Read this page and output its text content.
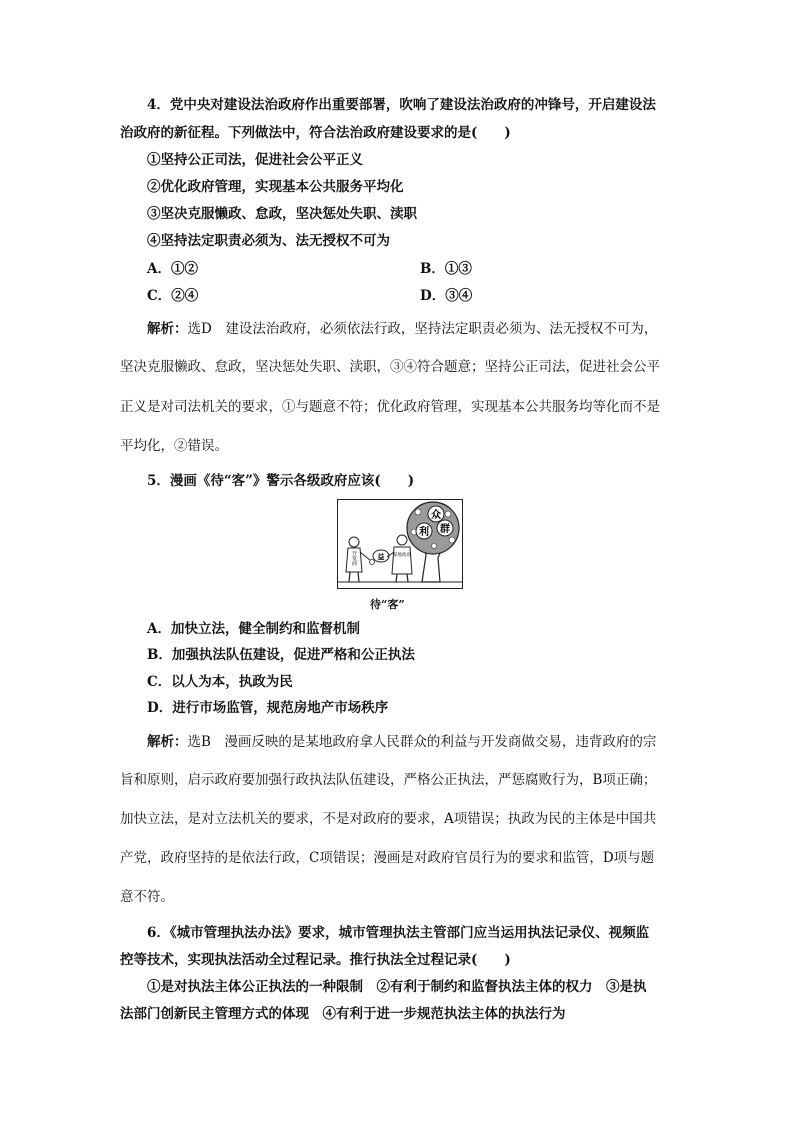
4．党中央对建设法治政府作出重要部署，吹响了建设法治政府的冲锋号，开启建设法
治政府的新征程。下列做法中，符合法治政府建设要求的是(　　)
①坚持公正司法，促进社会公平正义
②优化政府管理，实现基本公共服务平均化
③坚决克服懒政、怠政，坚决惩处失职、渎职
④坚持法定职责必须为、法无授权不可为
A．①②	B．①③
C．②④	D．③④
解析：选D　建设法治政府，必须依法行政，坚持法定职责必须为、法无授权不可为，
坚决克服懒政、怠政，坚决惩处失职、渎职，③④符合题意；坚持公正司法，促进社会公平
正义是对司法机关的要求，①与题意不符；优化政府管理，实现基本公共服务均等化而不是
平均化，②错误。
5．漫画《待“客”》警示各级政府应该(　　)
众
利 群
开发商	益 某地政府
待“客”
A．加快立法，健全制约和监督机制
B．加强执法队伍建设，促进严格和公正执法
C．以人为本，执政为民
D．进行市场监管，规范房地产市场秩序
解析：选B　漫画反映的是某地政府拿人民群众的利益与开发商做交易，违背政府的宗
旨和原则，启示政府要加强行政执法队伍建设，严格公正执法，严惩腐败行为，B项正确；
加快立法，是对立法机关的要求，不是对政府的要求，A项错误；执政为民的主体是中国共
产党，政府坚持的是依法行政，C项错误；漫画是对政府官员行为的要求和监管，D项与题
意不符。
6．《城市管理执法办法》要求，城市管理执法主管部门应当运用执法记录仪、视频监
控等技术，实现执法活动全过程记录。推行执法全过程记录(　　)
①是对执法主体公正执法的一种限制　②有利于制约和监督执法主体的权力　③是执
法部门创新民主管理方式的体现　④有利于进一步规范执法主体的执法行为
